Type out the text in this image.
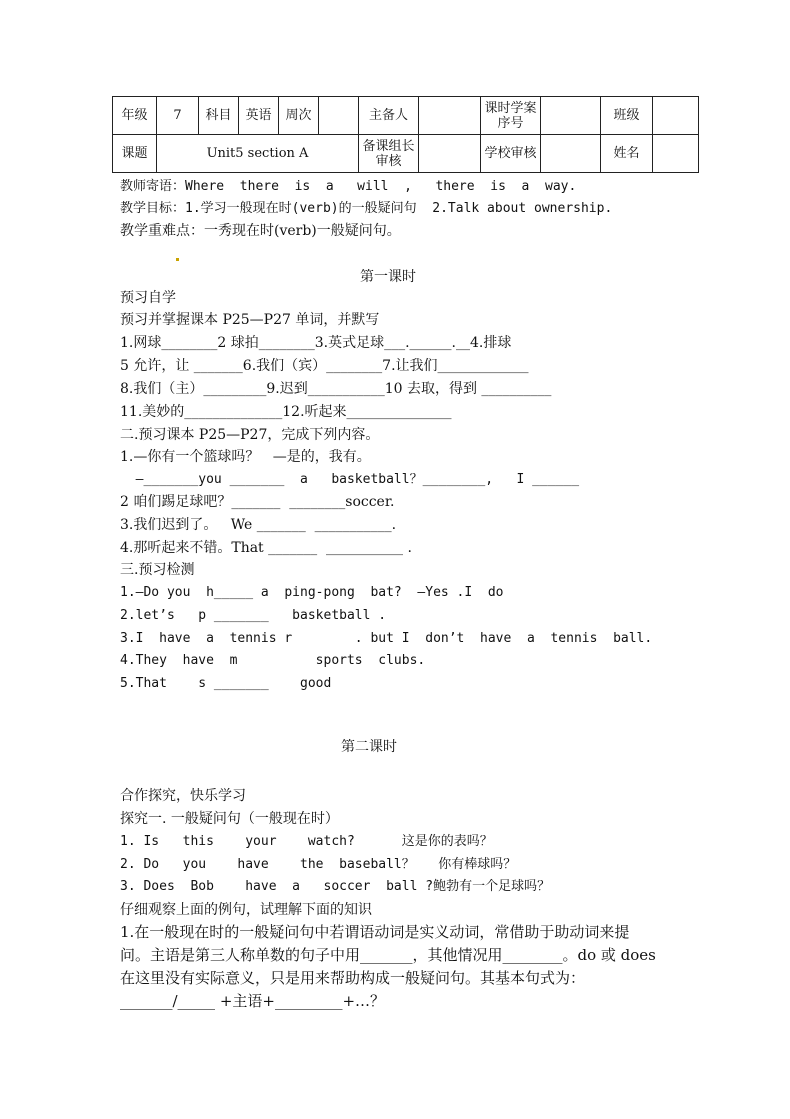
年级	7	科目	英语	周次		主备人		课时学案序号		班级	
课题	Unit5 section A					备课组长审核		学校审核		姓名	
教师寄语：Where  there  is  a   will  ,   there  is  a  way.
教学目标：1.学习一般现在时(verb)的一般疑问句  2.Talk about ownership.
教学重难点：一秀现在时(verb)一般疑问句。
第一课时
预习自学
预习并掌握课本 P25—P27 单词，并默写
1.网球________2 球拍________3.英式足球___.______.__4.排球
5 允许，让 _______6.我们（宾）________7.让我们_____________
8.我们（主）_________9.迟到___________10 去取，得到 __________
11.美妙的______________12.听起来_______________
二.预习课本 P25—P27，完成下列内容。
1.—你有一个篮球吗？   —是的，我有。
—_______you _______  a   basketball？________,   I ______
2 咱们踢足球吧？_______  ________soccer.
3.我们迟到了。   We _______  ___________.
4.那听起来不错。That _______  ___________ .
三.预习检测
1.—Do you  h_____ a  ping-pong  bat?  —Yes .I  do
2.let’s   p _______   basketball .
3.I  have  a  tennis r        . but I  don’t  have  a  tennis  ball.
4.They  have  m          sports  clubs.
5.That    s _______    good
第二课时
合作探究，快乐学习
探究一. 一般疑问句（一般现在时）
1. Is   this    your    watch?      这是你的表吗？
2. Do   you    have    the  baseball？   你有棒球吗？
3. Does  Bob    have  a   soccer  ball ?鲍勃有一个足球吗？
仔细观察上面的例句，试理解下面的知识
1.在一般现在时的一般疑问句中若谓语动词是实义动词，常借助于助动词来提
问。主语是第三人称单数的句子中用_______，其他情况用________。do 或 does
在这里没有实际意义，只是用来帮助构成一般疑问句。其基本句式为：
_______/_____ +主语+_________+…？
